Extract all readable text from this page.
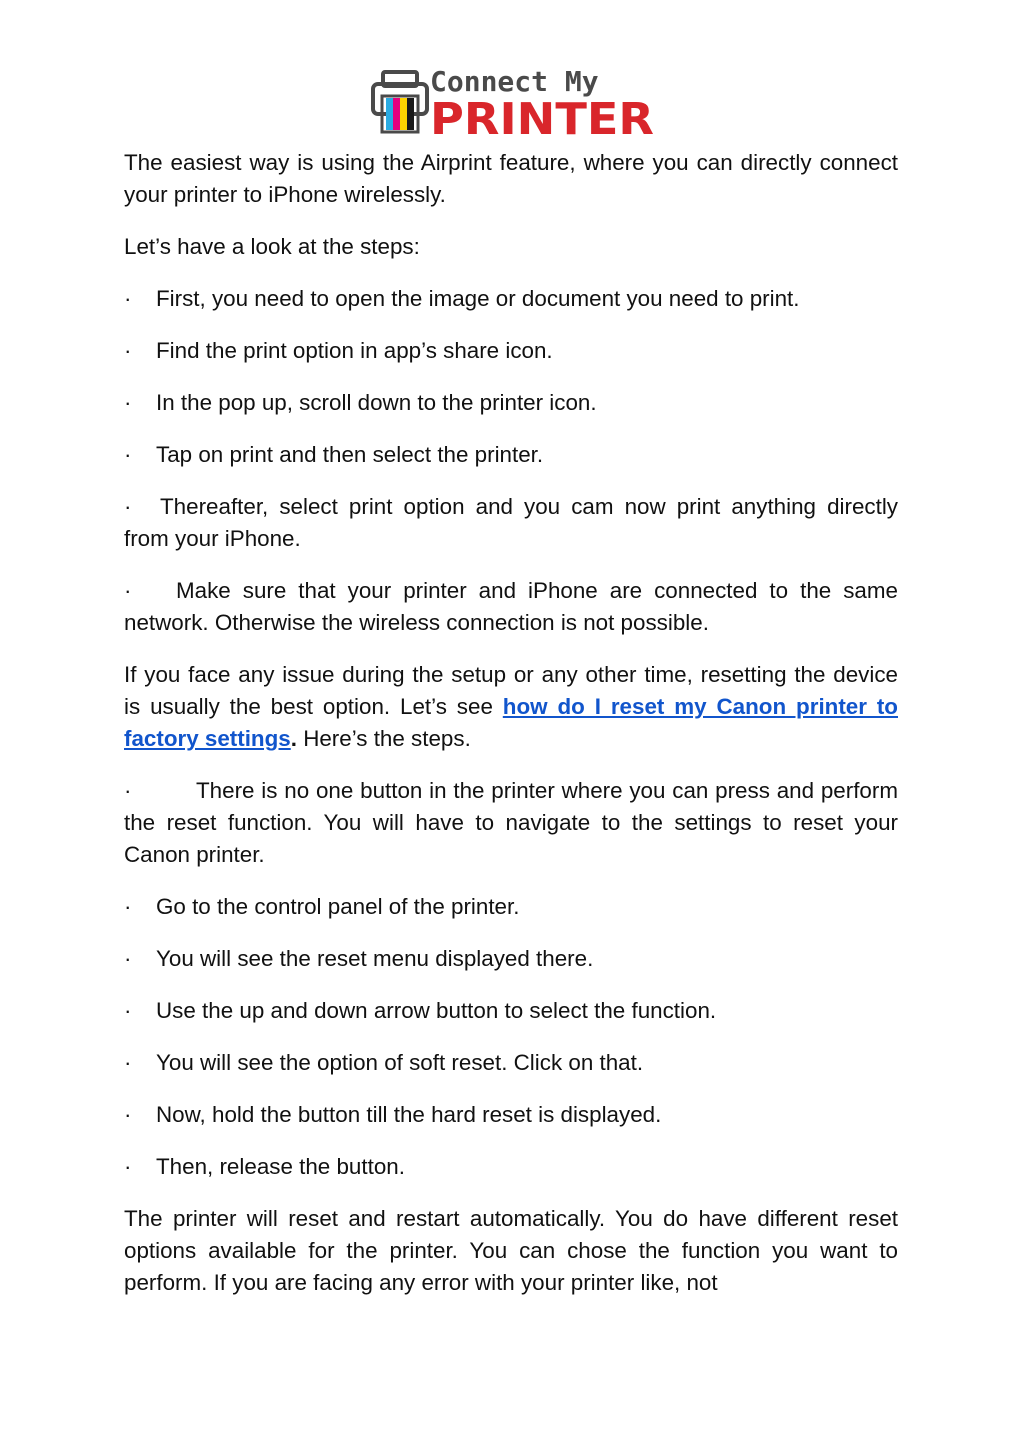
Connect My
PRINTER

The easiest way is using the Airprint feature, where you can directly connect your printer to iPhone wirelessly.

Let’s have a look at the steps:

· First, you need to open the image or document you need to print.

· Find the print option in app’s share icon.

· In the pop up, scroll down to the printer icon.

· Tap on print and then select the printer.

· Thereafter, select print option and you cam now print anything directly from your iPhone.

· Make sure that your printer and iPhone are connected to the same network. Otherwise the wireless connection is not possible.

If you face any issue during the setup or any other time, resetting the device is usually the best option. Let’s see how do I reset my Canon printer to factory settings. Here’s the steps.

·	There is no one button in the printer where you can press and perform the reset function. You will have to navigate to the settings to reset your Canon printer.

· Go to the control panel of the printer.

· You will see the reset menu displayed there.

· Use the up and down arrow button to select the function.

· You will see the option of soft reset. Click on that.

· Now, hold the button till the hard reset is displayed.

· Then, release the button.

The printer will reset and restart automatically. You do have different reset options available for the printer. You can chose the function you want to perform. If you are facing any error with your printer like, not
